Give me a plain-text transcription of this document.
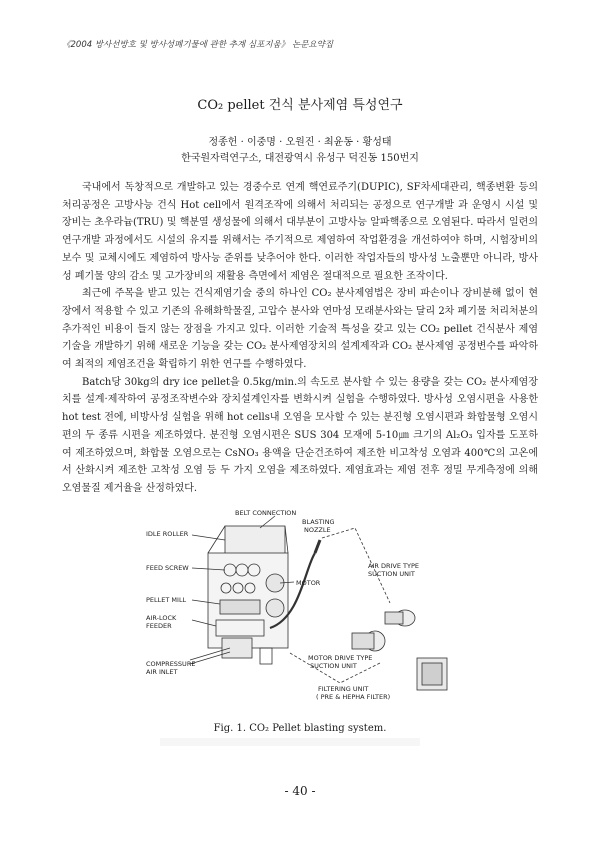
《2004 방사선방호 및 방사성폐기물에 관한 추계 심포지움》 논문요약집
CO₂ pellet 건식 분사제염 특성연구
정종헌 · 이중명 · 오원진 · 최윤동 · 황성태
한국원자력연구소, 대전광역시 유성구 덕진동 150번지

국내에서 독창적으로 개발하고 있는 경중수로 연계 핵연료주기(DUPIC), SF차세대관리, 핵종변환 등의 처리공정은 고방사능 건식 Hot cell에서 원격조작에 의해서 처리되는 공정으로 연구개발 과 운영시 시설 및 장비는 초우라늄(TRU) 및 핵분열 생성물에 의해서 대부분이 고방사능 알파핵종으로 오염된다. 따라서 일련의 연구개발 과정에서도 시설의 유지를 위해서는 주기적으로 제염하여 작업환경을 개선하여야 하며, 시험장비의 보수 및 교체시에도 제염하여 방사능 준위를 낮추어야 한다. 이러한 작업자들의 방사성 노출뿐만 아니라, 방사성 폐기물 양의 감소 및 고가장비의 재활용 측면에서 제염은 절대적으로 필요한 조작이다.

최근에 주목을 받고 있는 건식제염기술 중의 하나인 CO₂ 분사제염법은 장비 파손이나 장비분해 없이 현장에서 적용할 수 있고 기존의 유해화학물질, 고압수 분사와 연마성 모래분사와는 달리 2차 폐기물 처리처분의 추가적인 비용이 들지 않는 장점을 가지고 있다. 이러한 기술적 특성을 갖고 있는 CO₂ pellet 건식분사 제염기술을 개발하기 위해 새로운 기능을 갖는 CO₂ 분사제염장치의 설계제작과 CO₂ 분사제염 공정변수를 파악하여 최적의 제염조건을 확립하기 위한 연구를 수행하였다.

Batch당 30kg의 dry ice pellet을 0.5kg/min.의 속도로 분사할 수 있는 용량을 갖는 CO₂ 분사제염장치를 설계·제작하여 공정조작변수와 장치설계인자를 변화시켜 실험을 수행하였다. 방사성 오염시편을 사용한 hot test 전에, 비방사성 실험을 위해 hot cells내 오염을 모사할 수 있는 분진형 오염시편과 화합물형 오염시편의 두 종류 시편을 제조하였다. 분진형 오염시편은 SUS 304 모재에 5-10㎛ 크기의 Al₂O₃ 입자를 도포하여 제조하였으며, 화합물 오염으로는 CsNO₃ 용액을 단순건조하여 제조한 비고착성 오염과 400℃의 고온에서 산화시켜 제조한 고착성 오염 등 두 가지 오염을 제조하였다. 제염효과는 제염 전후 정밀 무게측정에 의해 오염물질 제거율을 산정하였다.

BELT CONNECTION
BLASTING
NOZZLE
IDLE ROLLER
FEED SCREW
MOTOR
PELLET MILL
AIR-LOCK
FEEDER
AIR DRIVE TYPE
SUCTION UNIT
COMPRESSURE
AIR INLET
MOTOR DRIVE TYPE
SUCTION UNIT
FILTERING UNIT
( PRE & HEPHA FILTER)
Fig. 1. CO₂ Pellet blasting system.
- 40 -
